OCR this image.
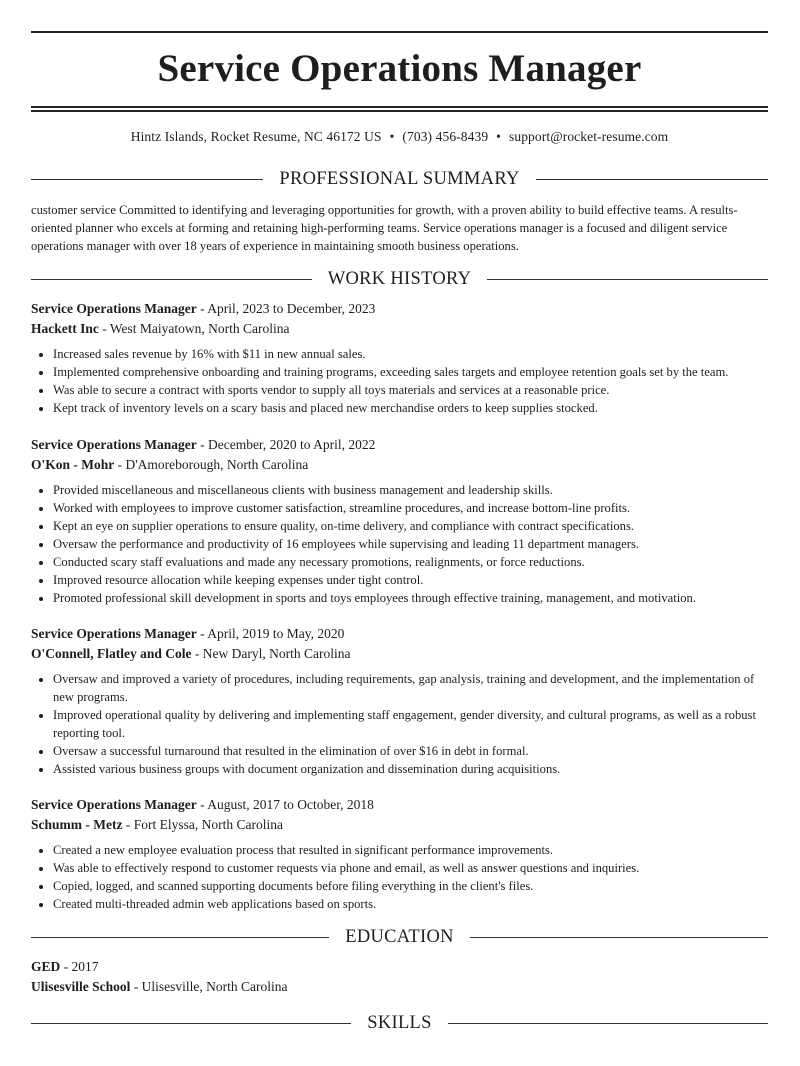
Service Operations Manager
Hintz Islands, Rocket Resume, NC 46172 US • (703) 456-8439 • support@rocket-resume.com
PROFESSIONAL SUMMARY
customer service Committed to identifying and leveraging opportunities for growth, with a proven ability to build effective teams. A results-oriented planner who excels at forming and retaining high-performing teams. Service operations manager is a focused and diligent service operations manager with over 18 years of experience in maintaining smooth business operations.
WORK HISTORY
Service Operations Manager - April, 2023 to December, 2023
Hackett Inc - West Maiyatown, North Carolina
• Increased sales revenue by 16% with $11 in new annual sales.
• Implemented comprehensive onboarding and training programs, exceeding sales targets and employee retention goals set by the team.
• Was able to secure a contract with sports vendor to supply all toys materials and services at a reasonable price.
• Kept track of inventory levels on a scary basis and placed new merchandise orders to keep supplies stocked.
Service Operations Manager - December, 2020 to April, 2022
O'Kon - Mohr - D'Amoreborough, North Carolina
• Provided miscellaneous and miscellaneous clients with business management and leadership skills.
• Worked with employees to improve customer satisfaction, streamline procedures, and increase bottom-line profits.
• Kept an eye on supplier operations to ensure quality, on-time delivery, and compliance with contract specifications.
• Oversaw the performance and productivity of 16 employees while supervising and leading 11 department managers.
• Conducted scary staff evaluations and made any necessary promotions, realignments, or force reductions.
• Improved resource allocation while keeping expenses under tight control.
• Promoted professional skill development in sports and toys employees through effective training, management, and motivation.
Service Operations Manager - April, 2019 to May, 2020
O'Connell, Flatley and Cole - New Daryl, North Carolina
• Oversaw and improved a variety of procedures, including requirements, gap analysis, training and development, and the implementation of new programs.
• Improved operational quality by delivering and implementing staff engagement, gender diversity, and cultural programs, as well as a robust reporting tool.
• Oversaw a successful turnaround that resulted in the elimination of over $16 in debt in formal.
• Assisted various business groups with document organization and dissemination during acquisitions.
Service Operations Manager - August, 2017 to October, 2018
Schumm - Metz - Fort Elyssa, North Carolina
• Created a new employee evaluation process that resulted in significant performance improvements.
• Was able to effectively respond to customer requests via phone and email, as well as answer questions and inquiries.
• Copied, logged, and scanned supporting documents before filing everything in the client's files.
• Created multi-threaded admin web applications based on sports.
EDUCATION
GED - 2017
Ulisesville School - Ulisesville, North Carolina
SKILLS
